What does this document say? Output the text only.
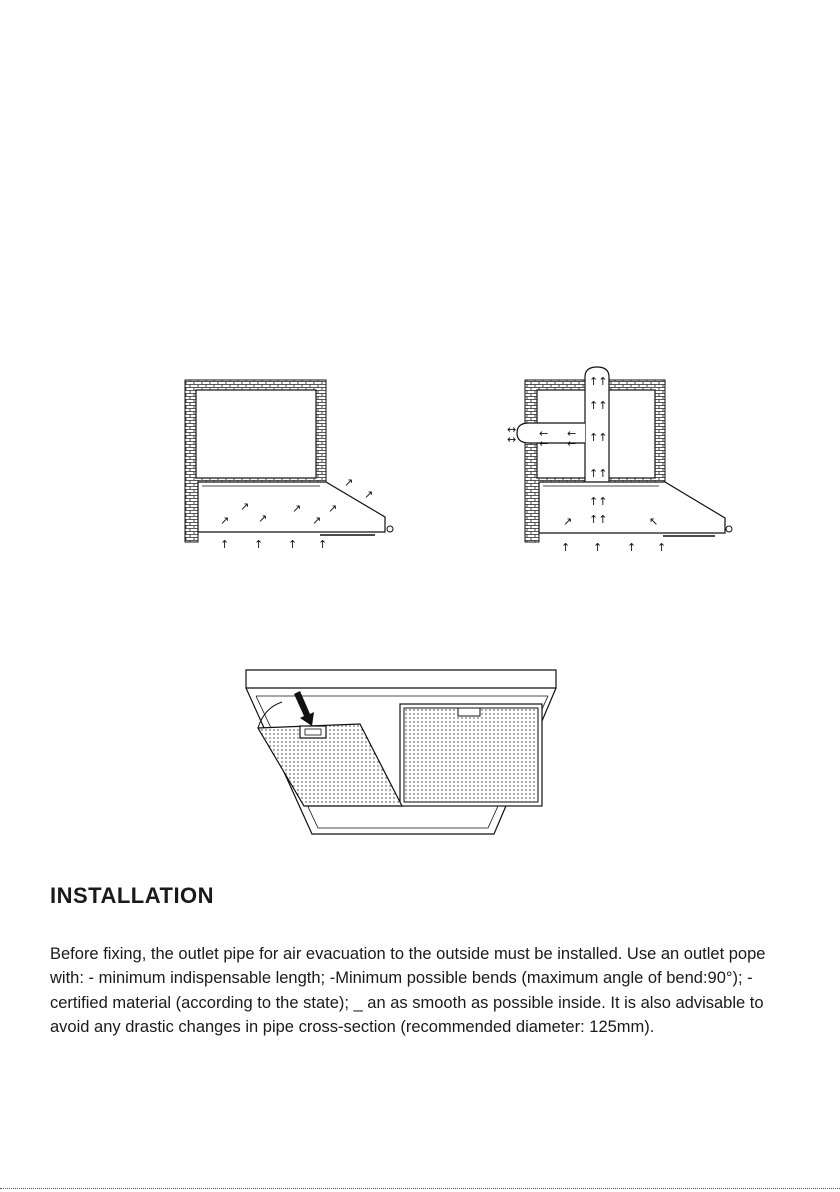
↑ ↑ ↑ ↑
↗	↗
↗
↗
↗	↗
↗
↗
↑↑
↑↑
↑↑
↑↑
↑↑
↑↑
↔
↔ ←
←
←
←
↗	↖
↑ ↑ ↑ ↑
INSTALLATION

Before fixing, the outlet pipe for air evacuation to the outside must be installed. Use an outlet pope with: - minimum indispensable length; -Minimum possible bends (maximum angle of bend:90°); -certified material (according to the state); _ an as smooth as possible inside. It is also advisable to avoid any drastic changes in pipe cross-section (recommended diameter: 125mm).
